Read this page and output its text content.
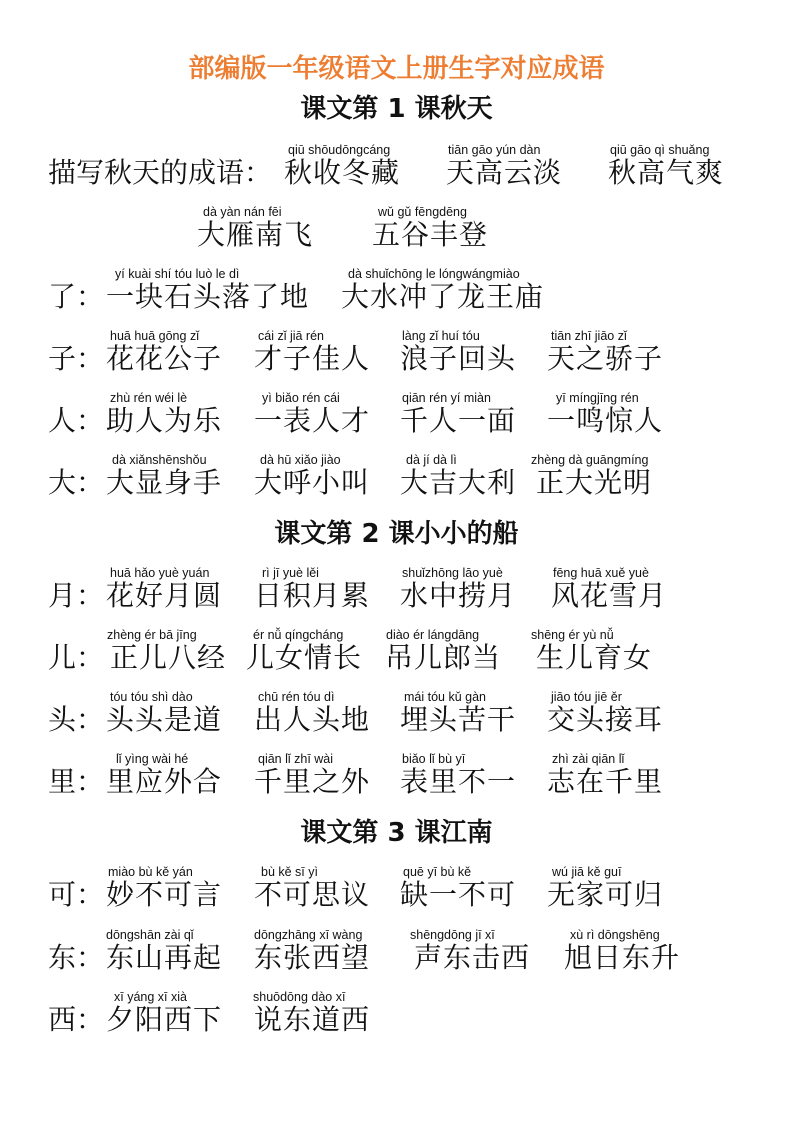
部编版一年级语文上册生字对应成语
课文第 1 课秋天
描写秋天的成语：
qiū shōudōngcáng
秋收冬藏
tiān gāo yún dàn
天高云淡
qiū gāo qì shuǎng
秋高气爽
dà yàn nán fēi
大雁南飞
wǔ gǔ fēngdēng
五谷丰登
了：
yí kuài shí tóu luò le dì
一块石头落了地
dà shuǐchōng le lóngwángmiào
大水冲了龙王庙
子：
huā huā gōng zǐ
花花公子
cái zǐ jiā rén
才子佳人
làng zǐ huí tóu
浪子回头
tiān zhī jiāo zǐ
天之骄子
人：
zhù rén wéi lè
助人为乐
yì biǎo rén cái
一表人才
qiān rén yí miàn
千人一面
yī míngjīng rén
一鸣惊人
大：
dà xiǎnshēnshǒu
大显身手
dà hū xiǎo jiào
大呼小叫
dà jí dà lì
大吉大利
zhèng dà guāngmíng
正大光明
课文第 2 课小小的船
月：
huā hǎo yuè yuán
花好月圆
rì jī yuè lěi
日积月累
shuǐzhōng lāo yuè
水中捞月
fēng huā xuě yuè
风花雪月
儿：
zhèng ér bā jīng
正儿八经
ér nǚ qíngcháng
儿女情长
diào ér lángdāng
吊儿郎当
shēng ér yù nǚ
生儿育女
头：
tóu tóu shì dào
头头是道
chū rén tóu dì
出人头地
mái tóu kǔ gàn
埋头苦干
jiāo tóu jiē ěr
交头接耳
里：
lǐ yìng wài hé
里应外合
qiān lǐ zhī wài
千里之外
biǎo lǐ bù yī
表里不一
zhì zài qiān lǐ
志在千里
课文第 3 课江南
可：
miào bù kě yán
妙不可言
bù kě sī yì
不可思议
quē yī bù kě
缺一不可
wú jiā kě guī
无家可归
东：
dōngshān zài qǐ
东山再起
dōngzhāng xī wàng
东张西望
shēngdōng jī xī
声东击西
xù rì dōngshēng
旭日东升
西：
xī yáng xī xià
夕阳西下
shuōdōng dào xī
说东道西
